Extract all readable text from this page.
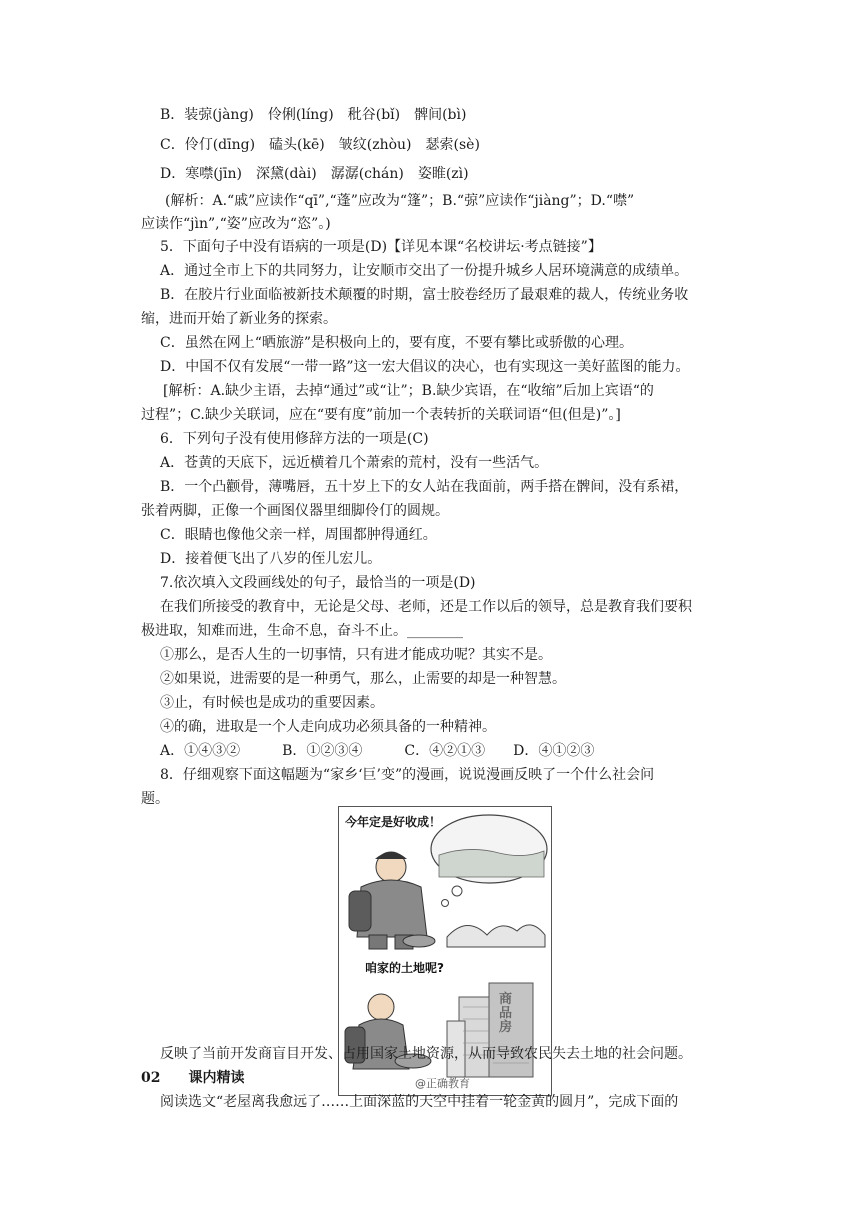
B．装弶(jàng)　伶俐(líng)　秕谷(bǐ)　髀间(bì)
C．伶仃(dīng)　磕头(kē)　皱纹(zhòu)　瑟索(sè)
D．寒噤(jīn)　深黛(dài)　潺潺(chán)　姿睢(zì)
(解析：A.“戚”应读作“qī”,“蓬”应改为“篷”；B.“弶”应读作“jiàng”；D.“噤”
应读作“jìn”,“姿”应改为“恣”。)
5．下面句子中没有语病的一项是(D)【详见本课“名校讲坛·考点链接”】
A．通过全市上下的共同努力，让安顺市交出了一份提升城乡人居环境满意的成绩单。
B．在胶片行业面临被新技术颠覆的时期，富士胶卷经历了最艰难的裁人，传统业务收
缩，进而开始了新业务的探索。
C．虽然在网上“晒旅游”是积极向上的，要有度，不要有攀比或骄傲的心理。
D．中国不仅有发展“一带一路”这一宏大倡议的决心，也有实现这一美好蓝图的能力。
[解析：A.缺少主语，去掉“通过”或“让”；B.缺少宾语，在“收缩”后加上宾语“的
过程”；C.缺少关联词，应在“要有度”前加一个表转折的关联词语“但(但是)”。]
6．下列句子没有使用修辞方法的一项是(C)
A．苍黄的天底下，远近横着几个萧索的荒村，没有一些活气。
B．一个凸颧骨，薄嘴唇，五十岁上下的女人站在我面前，两手搭在髀间，没有系裙，
张着两脚，正像一个画图仪器里细脚伶仃的圆规。
C．眼睛也像他父亲一样，周围都肿得通红。
D．接着便飞出了八岁的侄儿宏儿。
7.依次填入文段画线处的句子，最恰当的一项是(D)
在我们所接受的教育中，无论是父母、老师，还是工作以后的领导，总是教育我们要积
极进取，知难而进，生命不息，奋斗不止。________
①那么，是否人生的一切事情，只有进才能成功呢？其实不是。
②如果说，进需要的是一种勇气，那么，止需要的却是一种智慧。
③止，有时候也是成功的重要因素。
④的确，进取是一个人走向成功必须具备的一种精神。
A．①④③②　　　B．①②③④　　　C．④②①③　　D．④①②③
8．仔细观察下面这幅题为“家乡‘巨’变”的漫画，说说漫画反映了一个什么社会问
题。
今年定是好收成！
咱家的土地呢?
商品房
@正确教育
反映了当前开发商盲目开发、占用国家土地资源，从而导致农民失去土地的社会问题。
02　　课内精读
阅读选文“老屋离我愈远了……上面深蓝的天空中挂着一轮金黄的圆月”，完成下面的
